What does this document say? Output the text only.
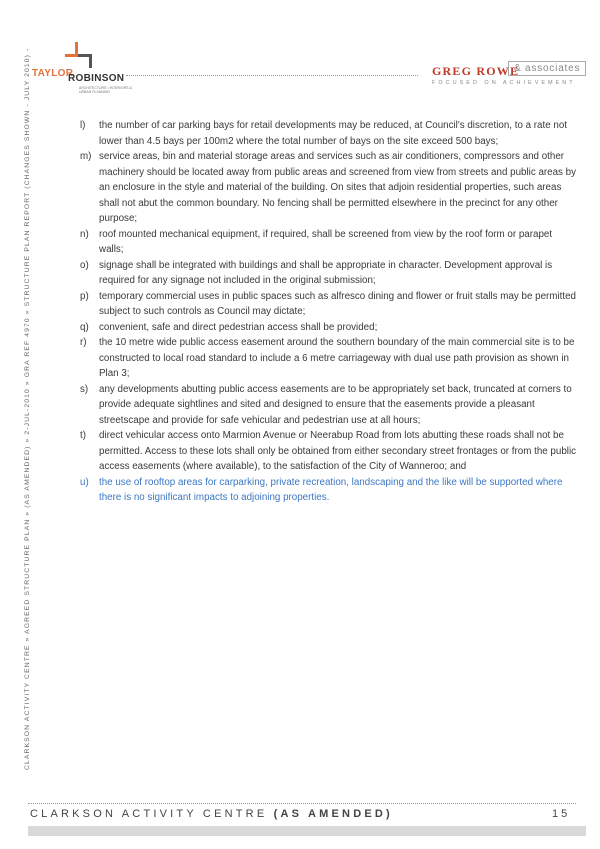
TAYLOR
ROBINSON
ARCHITECTURE • INTERIORS & URBAN PLANNING
GREG ROWE
& associates
FOCUSED ON ACHIEVEMENT
CLARKSON ACTIVITY CENTRE » AGREED STRUCTURE PLAN » (AS AMENDED) » 2-JUL-2010 » GRA REF 4970 » STRUCTURE PLAN REPORT (CHANGES SHOWN - JULY 2010) -	l) the number of car parking bays for retail developments may be reduced, at Council's discretion, to a rate not lower than 4.5 bays per 100m2 where the total number of bays on the site exceed 500 bays;
m) service areas, bin and material storage areas and services such as air conditioners, compressors and other machinery should be located away from public areas and screened from view from streets and public areas by an enclosure in the style and material of the building. On sites that adjoin residential properties, such areas shall not abut the common boundary. No fencing shall be permitted elsewhere in the precinct for any other purpose;
n) roof mounted mechanical equipment, if required, shall be screened from view by the roof form or parapet walls;
o) signage shall be integrated with buildings and shall be appropriate in character. Development approval is required for any signage not included in the original submission;
p) temporary commercial uses in public spaces such as alfresco dining and flower or fruit stalls may be permitted subject to such controls as Council may dictate;
q) convenient, safe and direct pedestrian access shall be provided;
r) the 10 metre wide public access easement around the southern boundary of the main commercial site is to be constructed to local road standard to include a 6 metre carriageway with dual use path provision as shown in Plan 3;
s) any developments abutting public access easements are to be appropriately set back, truncated at corners to provide adequate sightlines and sited and designed to ensure that the easements provide a pleasant streetscape and provide for safe vehicular and pedestrian use at all hours;
t) direct vehicular access onto Marmion Avenue or Neerabup Road from lots abutting these roads shall not be permitted. Access to these lots shall only be obtained from either secondary street frontages or from the public access easements (where available), to the satisfaction of the City of Wanneroo; and
u) the use of rooftop areas for carparking, private recreation, landscaping and the like will be supported where there is no significant impacts to adjoining properties.
CLARKSON ACTIVITY CENTRE (AS AMENDED)	15
